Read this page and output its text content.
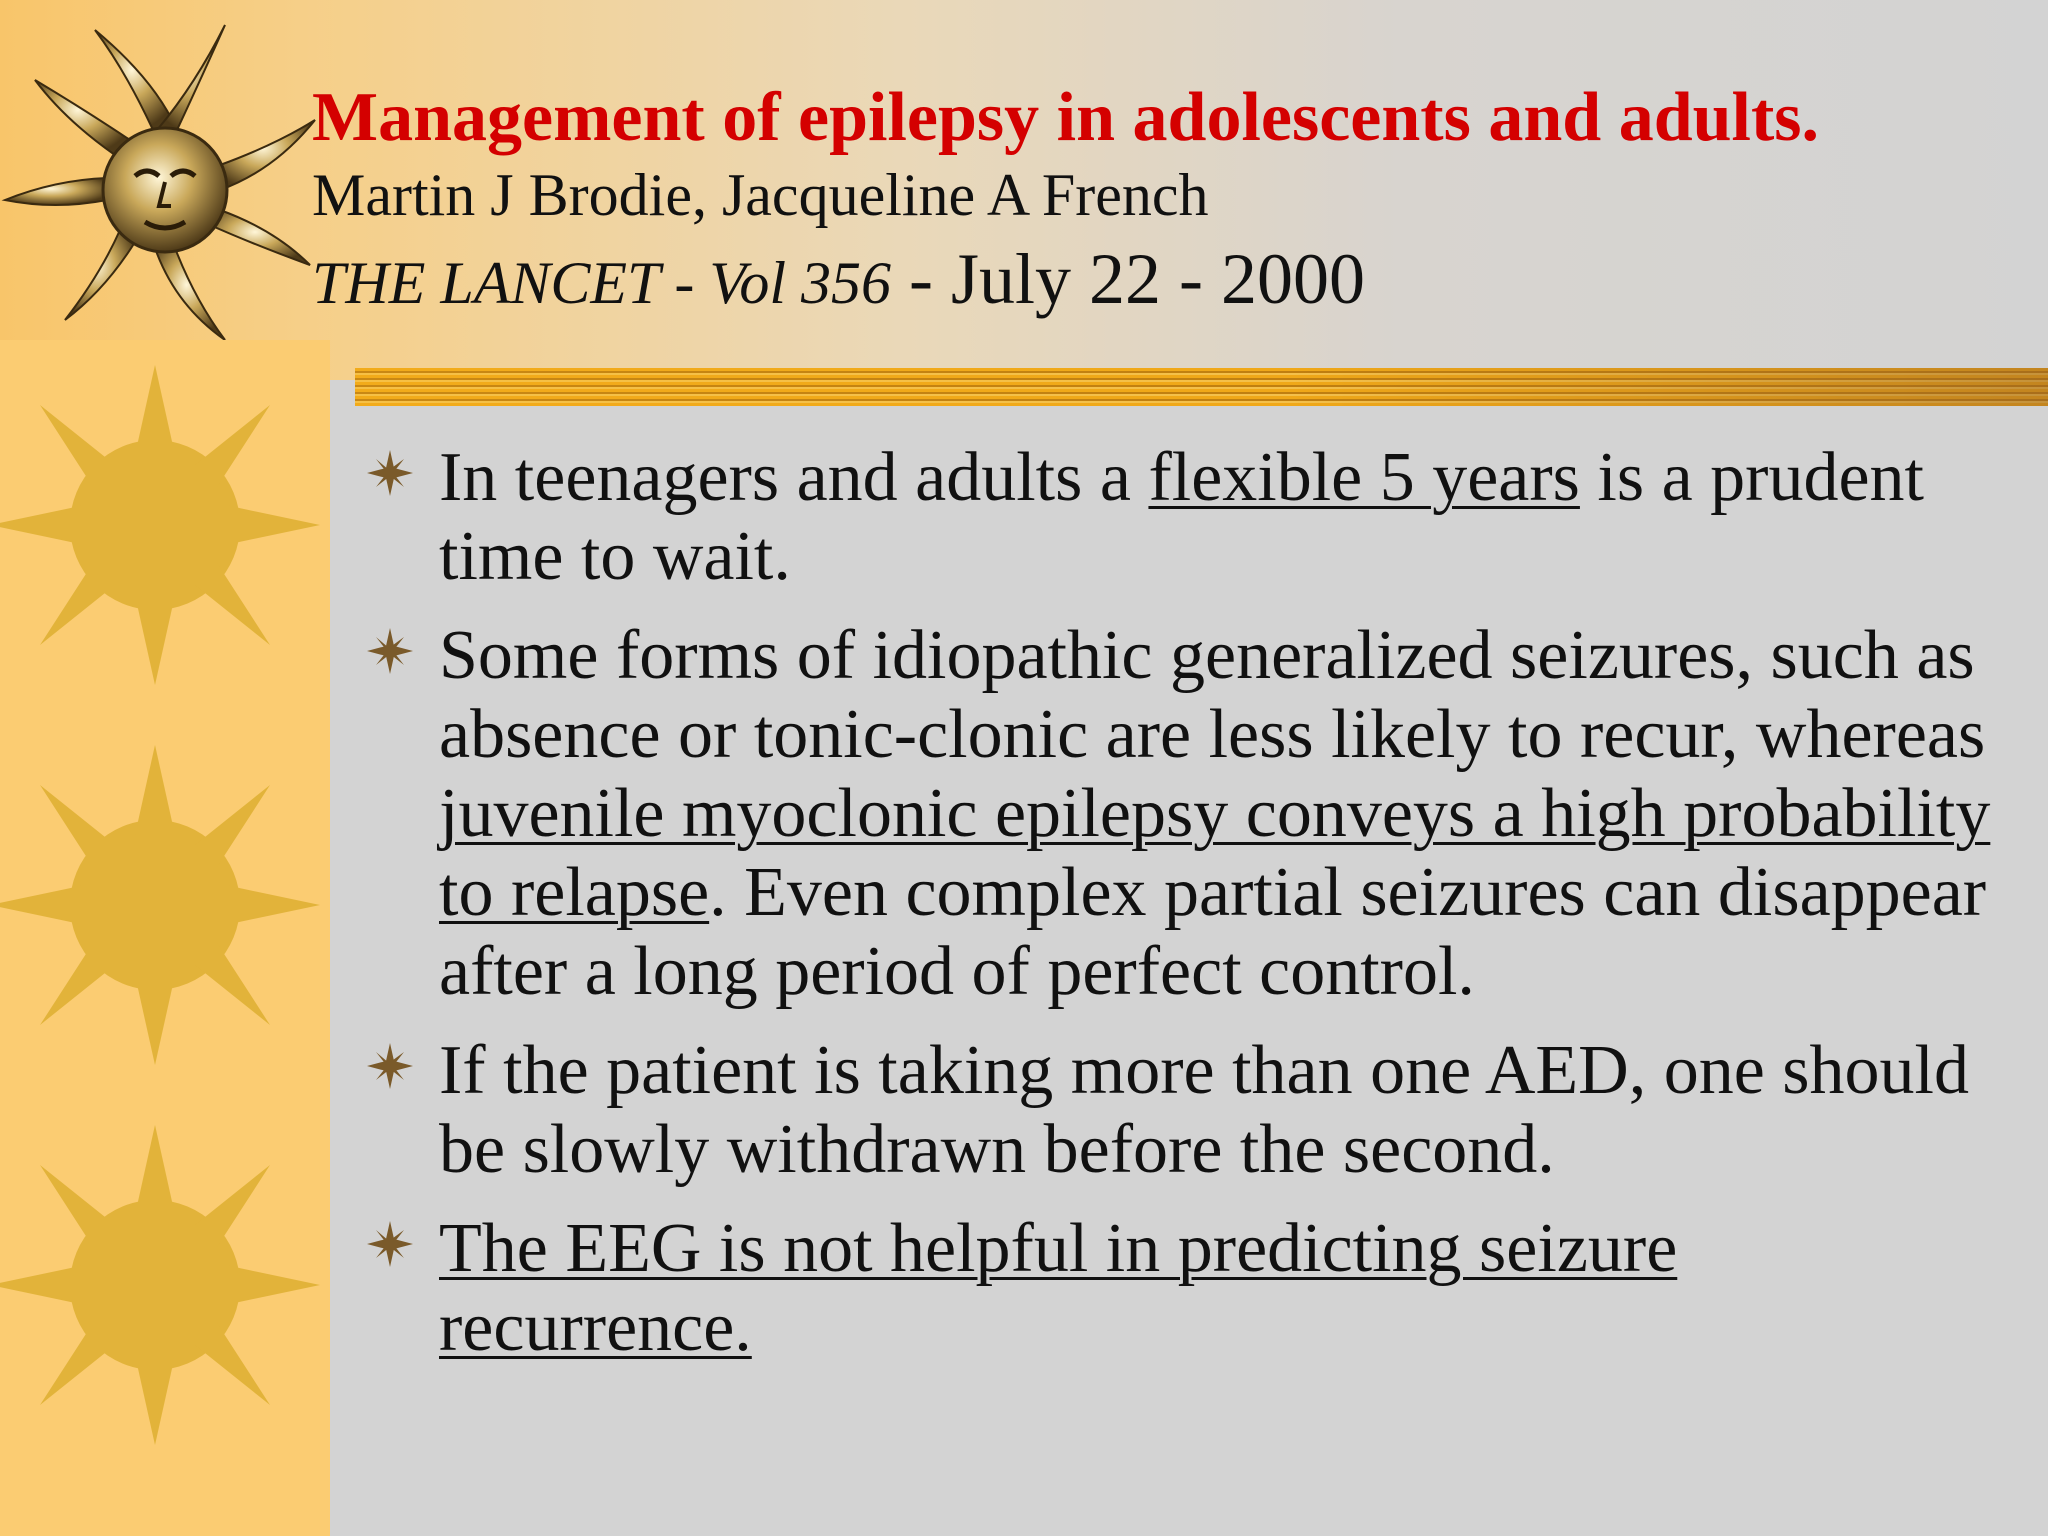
Management of epilepsy in adolescents and adults.

Martin J Brodie, Jacqueline A French

THE LANCET - Vol 356 - July 22 - 2000

In teenagers and adults a flexible 5 years is a prudent time to wait.
Some forms of idiopathic generalized seizures, such as absence or tonic-clonic are less likely to recur, whereas juvenile myoclonic epilepsy conveys a high probability to relapse. Even complex partial seizures can disappear after a long period of perfect control.
If the patient is taking more than one AED, one should be slowly withdrawn before the second.
The EEG is not helpful in predicting seizure recurrence.
